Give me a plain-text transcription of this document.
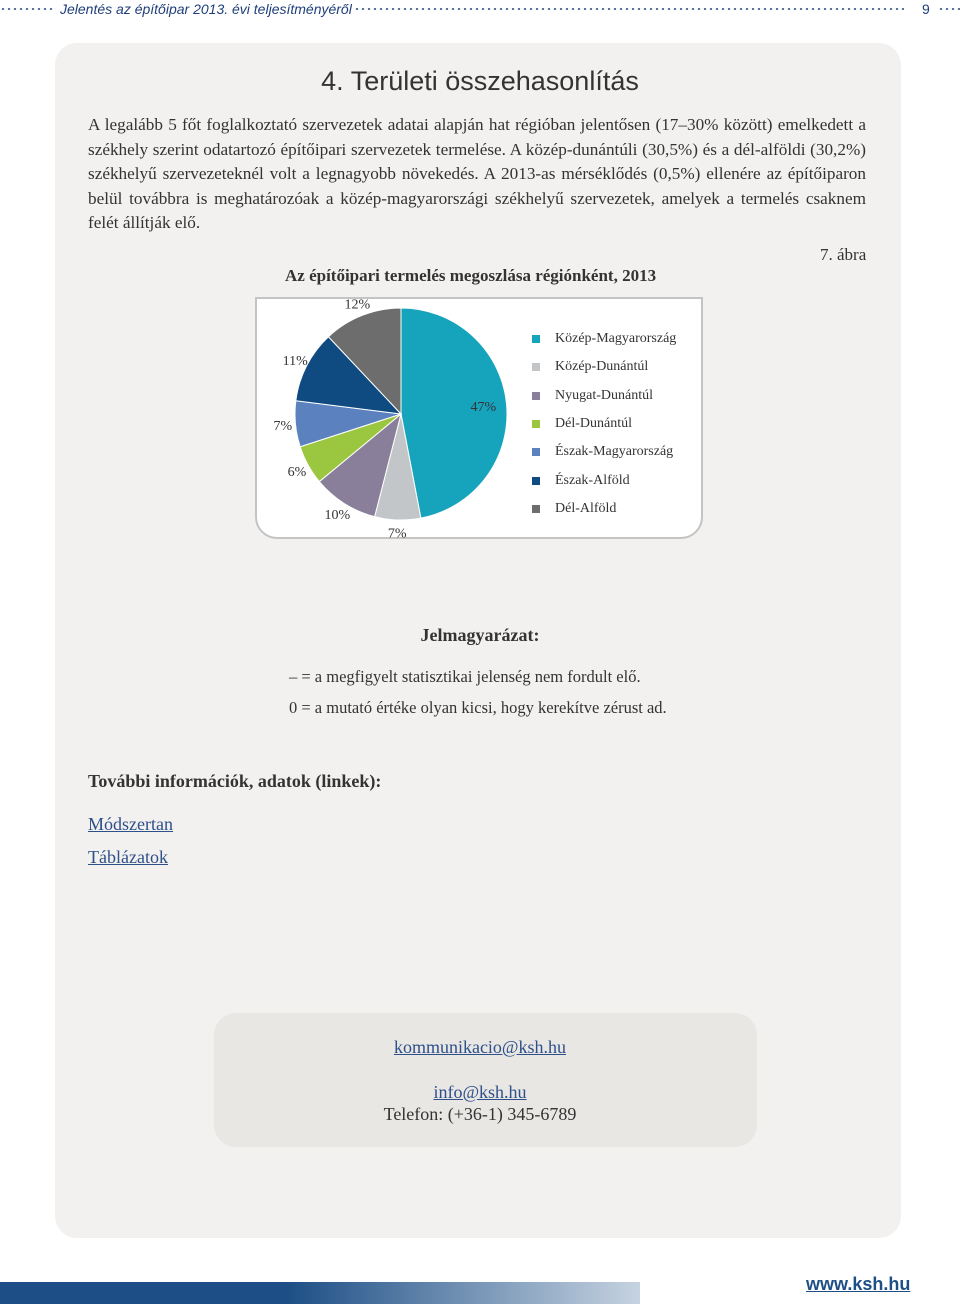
Jelentés az építőipar 2013. évi teljesítményéről	9
4. Területi összehasonlítás

A legalább 5 főt foglalkoztató szervezetek adatai alapján hat régióban jelentősen (17–30% között) emelkedett a székhely szerint odatartozó építőipari szervezetek termelése. A közép-dunántúli (30,5%) és a dél-alföldi (30,2%) székhelyű szervezeteknél volt a legnagyobb növekedés. A 2013-as mérséklődés (0,5%) ellenére az építőiparon belül továbbra is meghatározóak a közép-magyarországi székhelyű szervezetek, amelyek a termelés csaknem felét állítják elő.

7. ábra
Az építőipari termelés megoszlása régiónként, 2013
47%
7%
10%
6%
7%
11%
12%
Közép-Magyarország
Közép-Dunántúl
Nyugat-Dunántúl
Dél-Dunántúl
Észak-Magyarország
Észak-Alföld
Dél-Alföld
Jelmagyarázat:
– = a megfigyelt statisztikai jelenség nem fordult elő.
0 = a mutató értéke olyan kicsi, hogy kerekítve zérust ad.
További információk, adatok (linkek):
Módszertan
Táblázatok
kommunikacio@ksh.hu
info@ksh.hu
Telefon: (+36-1) 345-6789
www.ksh.hu
